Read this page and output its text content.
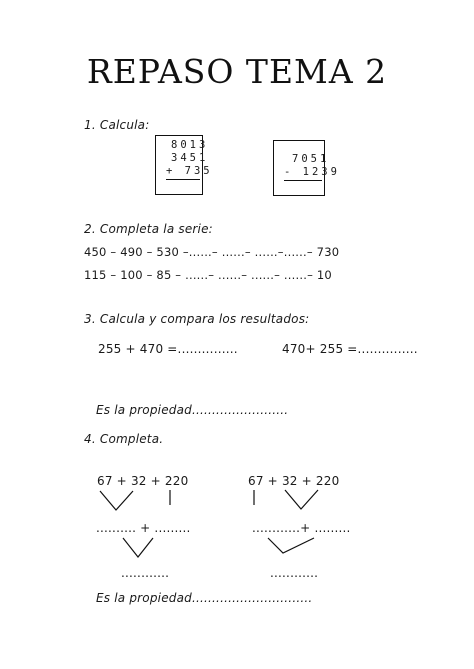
REPASO TEMA 2
1. Calcula:
8013
3451
+ 735
7051
- 1239
2. Completa la serie:
450 – 490 – 530 –......– ......– ......–......– 730
115 – 100 – 85 – ......– ......– ......– ......– 10
3. Calcula y compara los resultados:
255 + 470 =...............	470+ 255 =...............
Es la propiedad........................
4. Completa.
67 + 32 + 220
.......... + .........
............
67 + 32 + 220
............+ .........
............
Es la propiedad..............................
